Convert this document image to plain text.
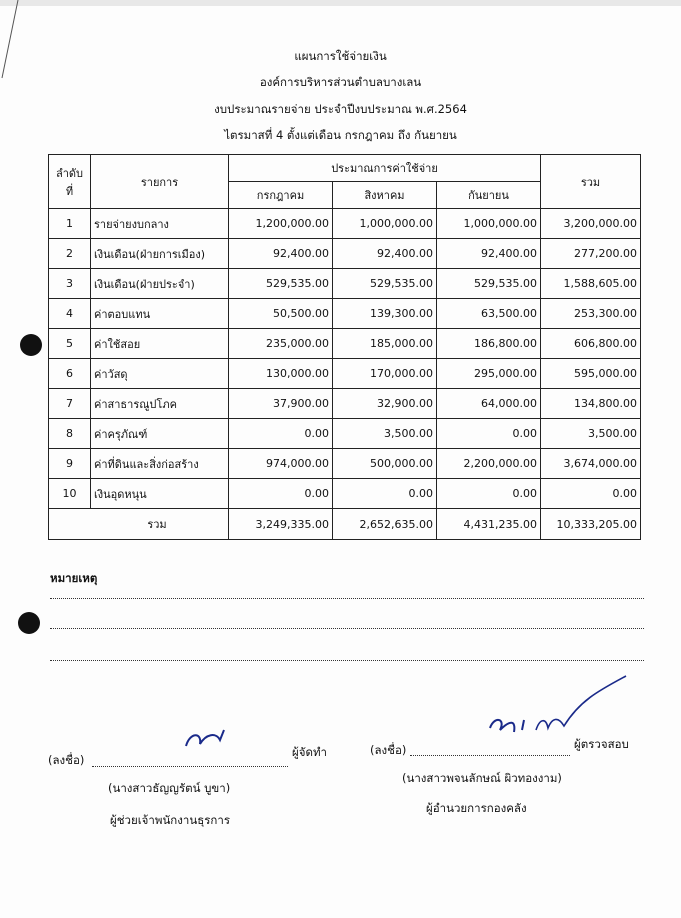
แผนการใช้จ่ายเงิน
องค์การบริหารส่วนตำบลบางเลน
งบประมาณรายจ่าย ประจำปีงบประมาณ พ.ศ.2564
ไตรมาสที่ 4 ตั้งแต่เดือน กรกฎาคม ถึง กันยายน
ลำดับ
ที่	รายการ	ประมาณการค่าใช้จ่าย			รวม
		กรกฎาคม	สิงหาคม	กันยายน	
1	รายจ่ายงบกลาง	1,200,000.00	1,000,000.00	1,000,000.00	3,200,000.00
2	เงินเดือน(ฝ่ายการเมือง)	92,400.00	92,400.00	92,400.00	277,200.00
3	เงินเดือน(ฝ่ายประจำ)	529,535.00	529,535.00	529,535.00	1,588,605.00
4	ค่าตอบแทน	50,500.00	139,300.00	63,500.00	253,300.00
5	ค่าใช้สอย	235,000.00	185,000.00	186,800.00	606,800.00
6	ค่าวัสดุ	130,000.00	170,000.00	295,000.00	595,000.00
7	ค่าสาธารณูปโภค	37,900.00	32,900.00	64,000.00	134,800.00
8	ค่าครุภัณฑ์	0.00	3,500.00	0.00	3,500.00
9	ค่าที่ดินและสิ่งก่อสร้าง	974,000.00	500,000.00	2,200,000.00	3,674,000.00
10	เงินอุดหนุน	0.00	0.00	0.00	0.00
รวม		3,249,335.00	2,652,635.00	4,431,235.00	10,333,205.00
หมายเหตุ
(ลงชื่อ)
ผู้จัดทำ
(นางสาวธัญญรัตน์ บูขา)
ผู้ช่วยเจ้าพนักงานธุรการ
(ลงชื่อ)	ผู้ตรวจสอบ
(นางสาวพจนลักษณ์ ผิวทองงาม)
ผู้อำนวยการกองคลัง
